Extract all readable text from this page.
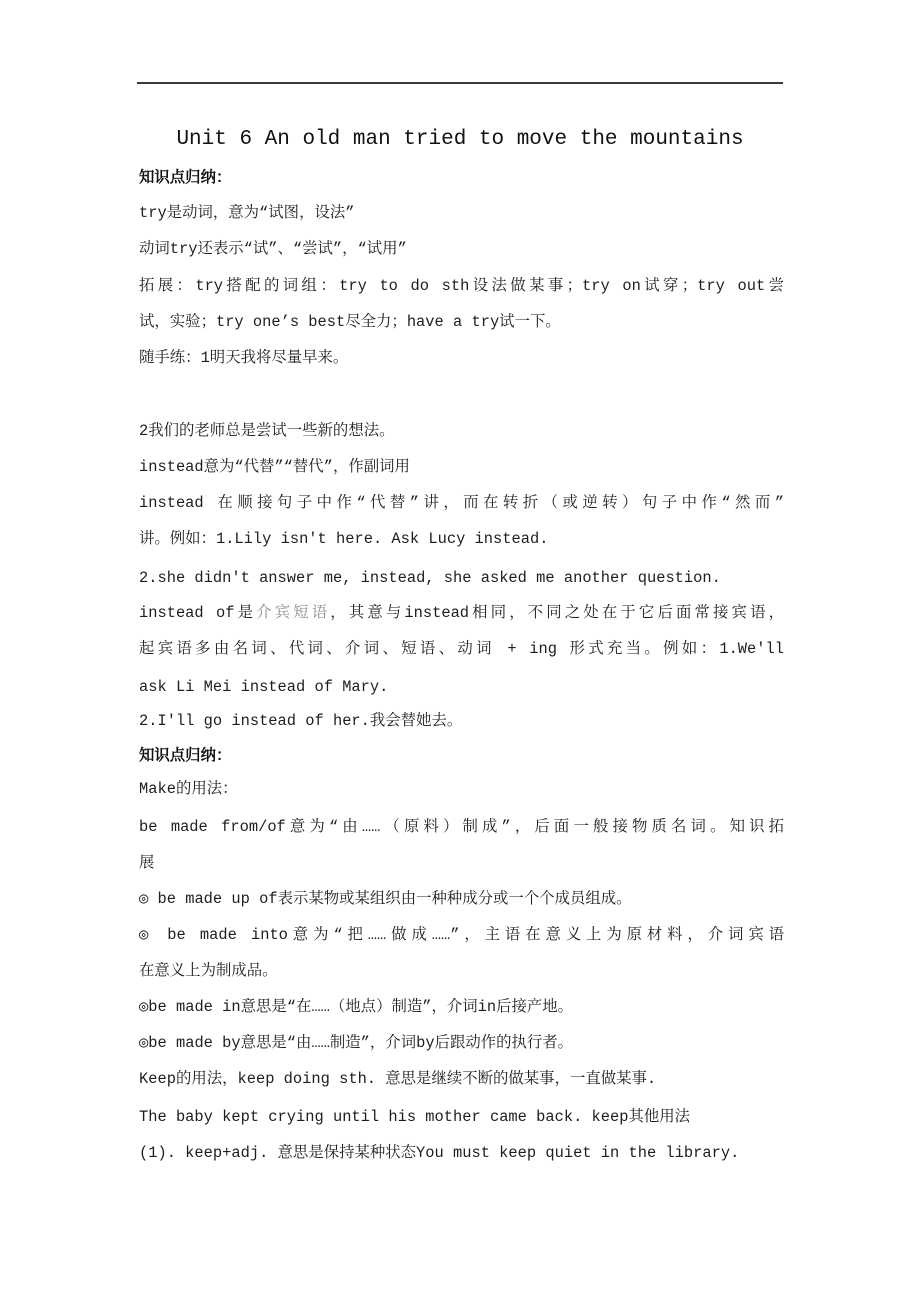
Unit 6 An old man tried to move the mountains
知识点归纳：
try是动词，意为“试图，设法”
动词try还表示“试”、“尝试”，“试用”
拓展：try搭配的词组：try to do sth设法做某事；try on试穿；try out尝
试，实验；try one’s best尽全力；have a try试一下。
随手练：1明天我将尽量早来。
2我们的老师总是尝试一些新的想法。
instead意为“代替”“替代”，作副词用
instead 在顺接句子中作“代替”讲，而在转折（或逆转）句子中作“然而”
讲。例如：1.Lily isn't here. Ask Lucy instead.
2.she didn't answer me, instead, she asked me another question.
instead of是介宾短语，其意与instead相同，不同之处在于它后面常接宾语，
起宾语多由名词、代词、介词、短语、动词 + ing 形式充当。例如：1.We'll
ask Li Mei instead of Mary.
2.I'll go instead of her.我会替她去。
知识点归纳：
Make的用法：
be made from/of意为“由……（原料）制成”，后面一般接物质名词。知识拓
展
◎ be made up of表示某物或某组织由一种种成分或一个个成员组成。
◎ be made into意为“把……做成……”，主语在意义上为原材料，介词宾语
在意义上为制成品。
◎be made in意思是“在……（地点）制造”，介词in后接产地。
◎be made by意思是“由……制造”，介词by后跟动作的执行者。
Keep的用法，keep doing sth. 意思是继续不断的做某事，一直做某事.
The baby kept crying until his mother came back. keep其他用法
(1). keep+adj. 意思是保持某种状态You must keep quiet in the library.
